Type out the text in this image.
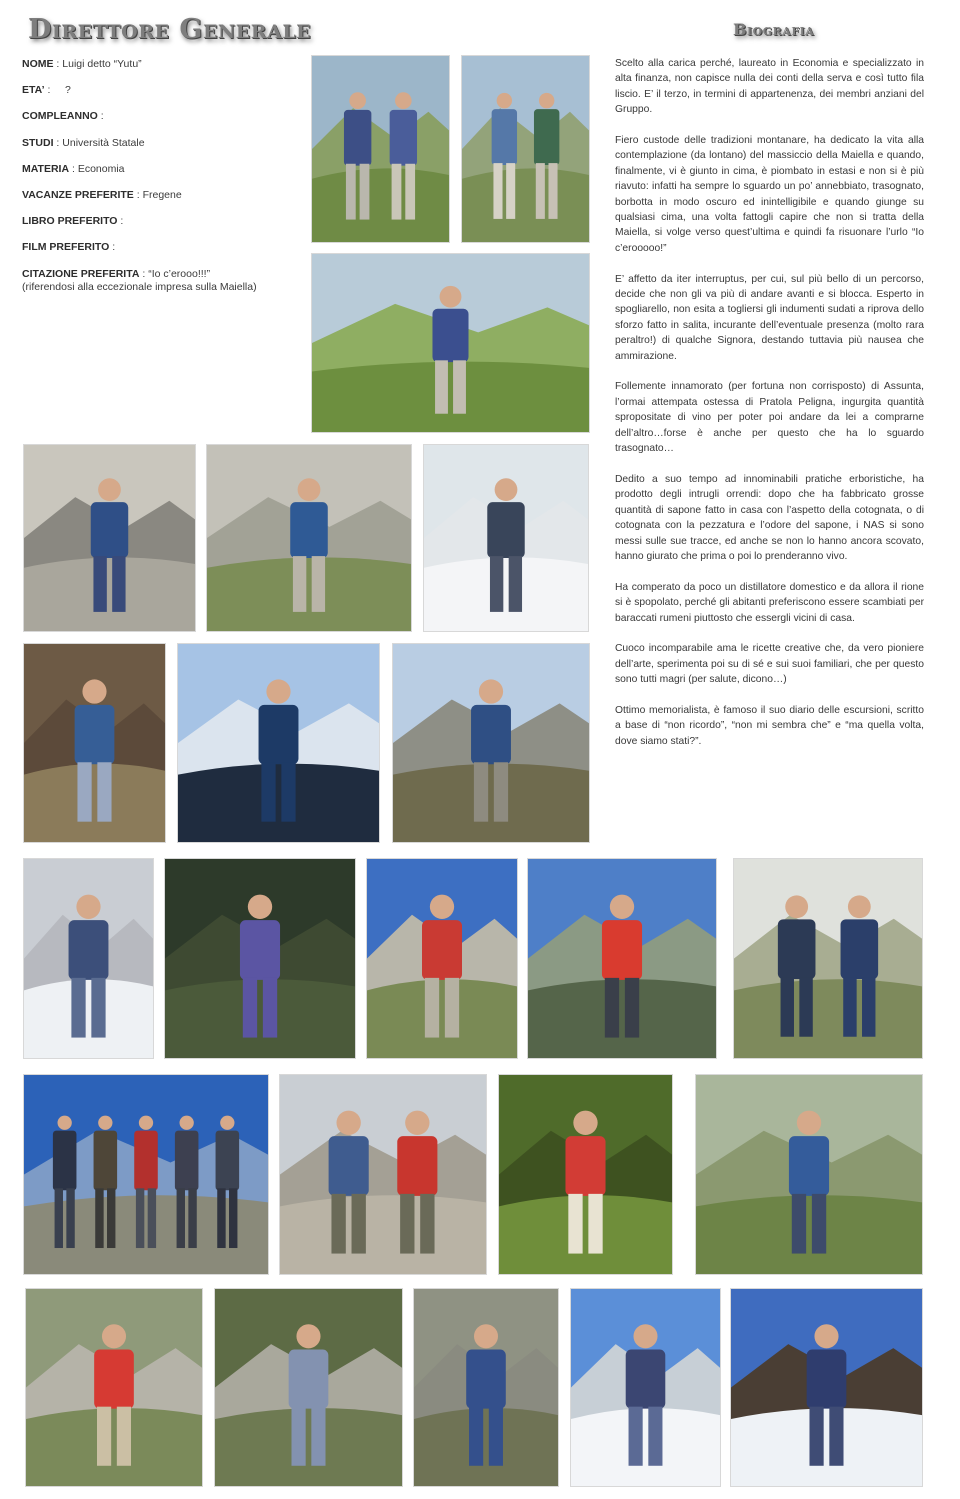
Direttore Generale	Biografia
NOME : Luigi detto “Yutu”
ETA’ :     ?
COMPLEANNO :
STUDI : Università Statale
MATERIA : Economia
VACANZE PREFERITE : Fregene
LIBRO PREFERITO :
FILM PREFERITO :
CITAZIONE PREFERITA : “Io c’erooo!!!”
(riferendosi alla eccezionale impresa sulla Maiella)

Scelto alla carica perché, laureato in Economia e specializzato in alta finanza, non capisce nulla dei conti della serva e così tutto fila liscio. E’ il terzo, in termini di appartenenza, dei membri anziani del Gruppo.

Fiero custode delle tradizioni montanare, ha dedicato la vita alla contemplazione (da lontano) del massiccio della Maiella e quando, finalmente, vi è giunto in cima, è piombato in estasi e non si è più riavuto: infatti ha sempre lo sguardo un po’ annebbiato, trasognato, borbotta in modo oscuro ed inintelligibile e quando giunge su qualsiasi cima, una volta fattogli capire che non si tratta della Maiella, si volge verso quest’ultima e quindi fa risuonare l’urlo “Io c’erooooo!”

E’ affetto da iter interruptus, per cui, sul più bello di un percorso, decide che non gli va più di andare avanti e si blocca. Esperto in spogliarello, non esita a togliersi gli indumenti sudati a riprova dello sforzo fatto in salita, incurante dell’eventuale presenza (molto rara peraltro!) di qualche Signora, destando tuttavia più nausea che ammirazione.

Follemente innamorato (per fortuna non corrisposto) di Assunta, l’ormai attempata ostessa di Pratola Peligna, ingurgita quantità spropositate di vino per poter poi andare da lei a comprarne dell’altro…forse è anche per questo che ha lo sguardo trasognato…

Dedito a suo tempo ad innominabili pratiche erboristiche, ha prodotto degli intrugli orrendi: dopo che ha fabbricato grosse quantità di sapone fatto in casa con l’aspetto della cotognata, o di cotognata con la pezzatura e l’odore del sapone, i NAS si sono messi sulle sue tracce, ed anche se non lo hanno ancora scovato, hanno giurato che prima o poi lo prenderanno vivo.

Ha comperato da poco un distillatore domestico e da allora il rione si è spopolato, perché gli abitanti preferiscono essere scambiati per baraccati rumeni piuttosto che essergli vicini di casa.

Cuoco incomparabile ama le ricette creative che, da vero pioniere dell’arte, sperimenta poi su di sé e sui suoi familiari, che per questo sono tutti magri (per salute, dicono…)

Ottimo memorialista, è famoso il suo diario delle escursioni, scritto a base di “non ricordo”, “non mi sembra che” e “ma quella volta, dove siamo stati?”.
